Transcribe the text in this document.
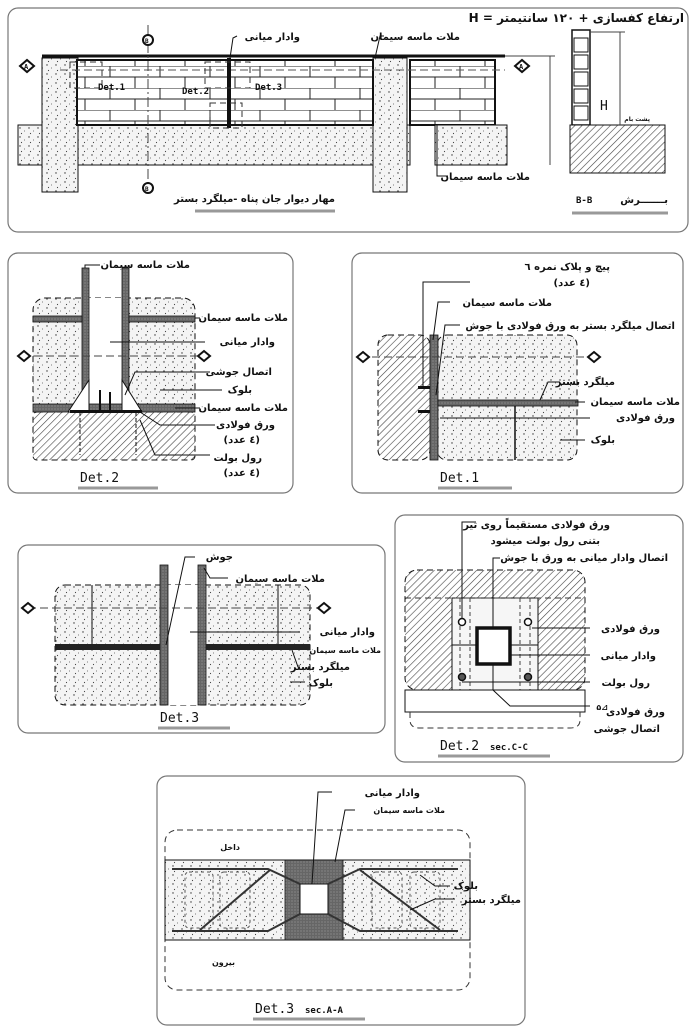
A	A
B
B
Det.1	Det.2	Det.3
وادار میانی	ملات ماسه سیمان
ملات ماسه سیمان
مهار دیوار جان پناه -میلگرد بستر
H
پشت بام
ارتفاع کفسازی + ۱۲۰ سانتیمتر = H
بـــــــرش
B-B
ملات ماسه سیمان
ملات ماسه سیمان
وادار میانی
اتصال جوشی
بلوک
ملات ماسه سیمان
ورق فولادی
(٤ عدد)
رول بولت
(٤ عدد)
Det.2
پیچ و پلاک نمره ٦
(٤ عدد)
ملات ماسه سیمان
اتصال میلگرد بستر به ورق فولادی با جوش
میلگرد بستر
ملات ماسه سیمان
ورق فولادی
بلوک
Det.1
جوش
ملات ماسه سیمان
وادار میانی
ملات ماسه سیمان
میلگرد بستر
بلوک
Det.3
ورق فولادی مستقیماً روی تیر
بتنی رول بولت میشود
اتصال وادار میانی به ورق با جوش
ورق فولادی
وادار میانی
رول بولت
⊿۵
ورق فولادی
اتصال جوشی
Det.2 sec.C-C
وادار میانی
ملات ماسه سیمان
داخل
بلوک
میلگرد بستر
بیرون
Det.3 sec.A-A
